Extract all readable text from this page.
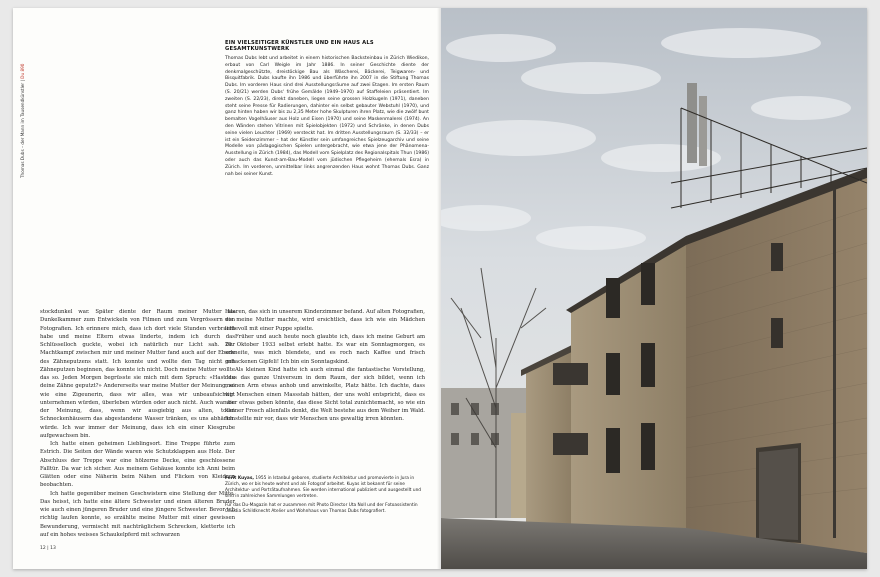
Thomas Dubs – der Mann im Tausendkünstler | Du 890
EIN VIELSEITIGER KÜNSTLER UND EIN HAUS ALS GESAMTKUNSTWERK
Thomas Dubs lebt und arbeitet in einem historischen Backsteinbau in Zürich Wiedikon, erbaut von Carl Weigle im Jahr 1886. In seiner Geschichte diente der denkmalgeschützte, dreistöckige Bau als Wäscherei, Bäckerei, Teigwaren- und Bisquitfabrik. Dubs kaufte ihn 1986 und überführte ihn 2007 in die Stiftung Thomas Dubs. Im vorderen Haus sind drei Ausstellungsräume auf zwei Etagen. Im ersten Raum (S. 20/21) werden Dubs' frühe Gemälde (1949–1970) auf Staffeleien präsentiert. Im zweiten (S. 22/23), direkt daneben, liegen seine grossen Holzkugeln (1971), daneben steht seine Presse für Radierungen, dahinter ein selbst gebauter Webstuhl (1970), und ganz hinten haben wir bis zu 2,35 Meter hohe Skulpturen ihren Platz, wie die zwölf bunt bemalten Vogelhäuser aus Holz und Eisen (1970) und seine Maskenmalerei (1974). An den Wänden stehen Vitrinen mit Spielobjekten (1972) und Schränke, in denen Dubs seine vielen Leuchter (1969) versteckt hat. Im dritten Ausstellungsraum (S. 32/33) – er ist ein Seidenzimmer – hat der Künstler sein umfangreiches Spielzeugarchiv und seine Modelle von pädagogischen Spielen untergebracht, wie etwa jene der Phänomena-Ausstellung in Zürich (1984), das Modell vom Spielplatz des Regionalspitals Thun (1986) oder auch das Kunst-am-Bau-Modell vom jüdischen Pflegeheim (ehemals Esra) in Zürich. Im vorderen, unmittelbar links angrenzenden Haus wohnt Thomas Dubs. Ganz nah bei seiner Kunst.

stockdunkel war. Später diente der Raum meiner Mutter als Dunkelkammer zum Entwickeln von Filmen und zum Vergrössern von Fotografien. Ich erinnere mich, dass ich dort viele Stunden verbracht habe und meine Eltern etwas linderte, indem ich durch das Schlüsselloch guckte, wobei ich natürlich nur Licht sah. Der Machtkampf zwischen mir und meiner Mutter fand auch auf der Ebene des Zähneputzens statt. Ich konnte und wollte den Tag nicht mit Zähneputzen beginnen, das konnte ich nicht. Doch meine Mutter wollte das so. Jeden Morgen begrüsste sie mich mit dem Spruch: «Hast du deine Zähne geputzt?» Andererseits war meine Mutter der Meinung, so wie eine Zigeunerin, dass wir alles, was wir unbeaufsichtigt unternehmen würden, überleben würden oder auch nicht. Auch war sie der Meinung, dass, wenn wir ausgiebig aus alten, toten Schneckenhäusern das abgestandene Wasser tränken, es uns abhärten würde. Ich war immer der Meinung, dass ich ein einer Kiesgrube aufgewachsen bin.

Ich hatte einen geheimen Lieblingsort. Eine Treppe führte zum Estrich. Die Seiten der Wände waren wie Schutzklappen aus Holz. Der Abschluss der Treppe war eine hölzerne Decke, eine geschlossene Falltür. Da war ich sicher. Aus meinem Gehäuse konnte ich Anni beim Glätten oder eine Näherin beim Nähen und Flicken von Kleidern beobachten.

Ich hatte gegenüber meinen Geschwistern eine Stellung der Mitte. Das heisst, ich hatte eine ältere Schwester und einen älteren Bruder wie auch einen jüngeren Bruder und eine jüngere Schwester. Bevor ich richtig laufen konnte, so erzählte meine Mutter mit einer gewissen Bewunderung, vermischt mit nachträglichem Schrecken, kletterte ich auf ein hohes weisses Schaukelpferd mit schwarzen

Haaren, das sich in unserem Kinderzimmer befand. Auf alten Fotografien, die meine Mutter machte, wird ersichtlich, dass ich wie ein Mädchen liebevoll mit einer Puppe spielte.

Früher und auch heute noch glaubte ich, dass ich meine Geburt am 29. Oktober 1933 selbst erlebt hatte. Es war ein Sonntagmorgen, es schneite, was mich blendete, und es roch nach Kaffee und frisch gebackenen Gipfeli! Ich bin ein Sonntagskind.

Als kleinen Kind hatte ich auch einmal die fantastische Vorstellung, dass das ganze Universum in dem Raum, der sich bildet, wenn ich meinen Arm etwas anhob und anwinkelte, Platz hätte. Ich dachte, dass wir Menschen einen Massstab hätten, der uns wohl entspricht, dass es aber etwas geben könnte, das diese Sicht total zunichtemacht, so wie ein kleiner Frosch allenfalls denkt, die Welt bestehe aus dem Weiher im Wald. Ich stellte mir vor, dass wir Menschen uns gewaltig irren könnten.

Ferit Kuyas, 1955 in Istanbul geboren, studierte Architektur und promovierte in Jura in Zürich, wo er bis heute wohnt und als Fotograf arbeitet. Kuyas ist bekannt für seine Architektur- und Porträtaufnahmen. Sie werden international publiziert und ausgestellt und sind in zahlreichen Sammlungen vertreten.

Für das Du-Magazin hat er zusammen mit Photo Director Uta Noll und der Fotoassistentin Claudia Schildknecht Atelier und Wohnhaus von Thomas Dubs fotografiert.

12 | 13
